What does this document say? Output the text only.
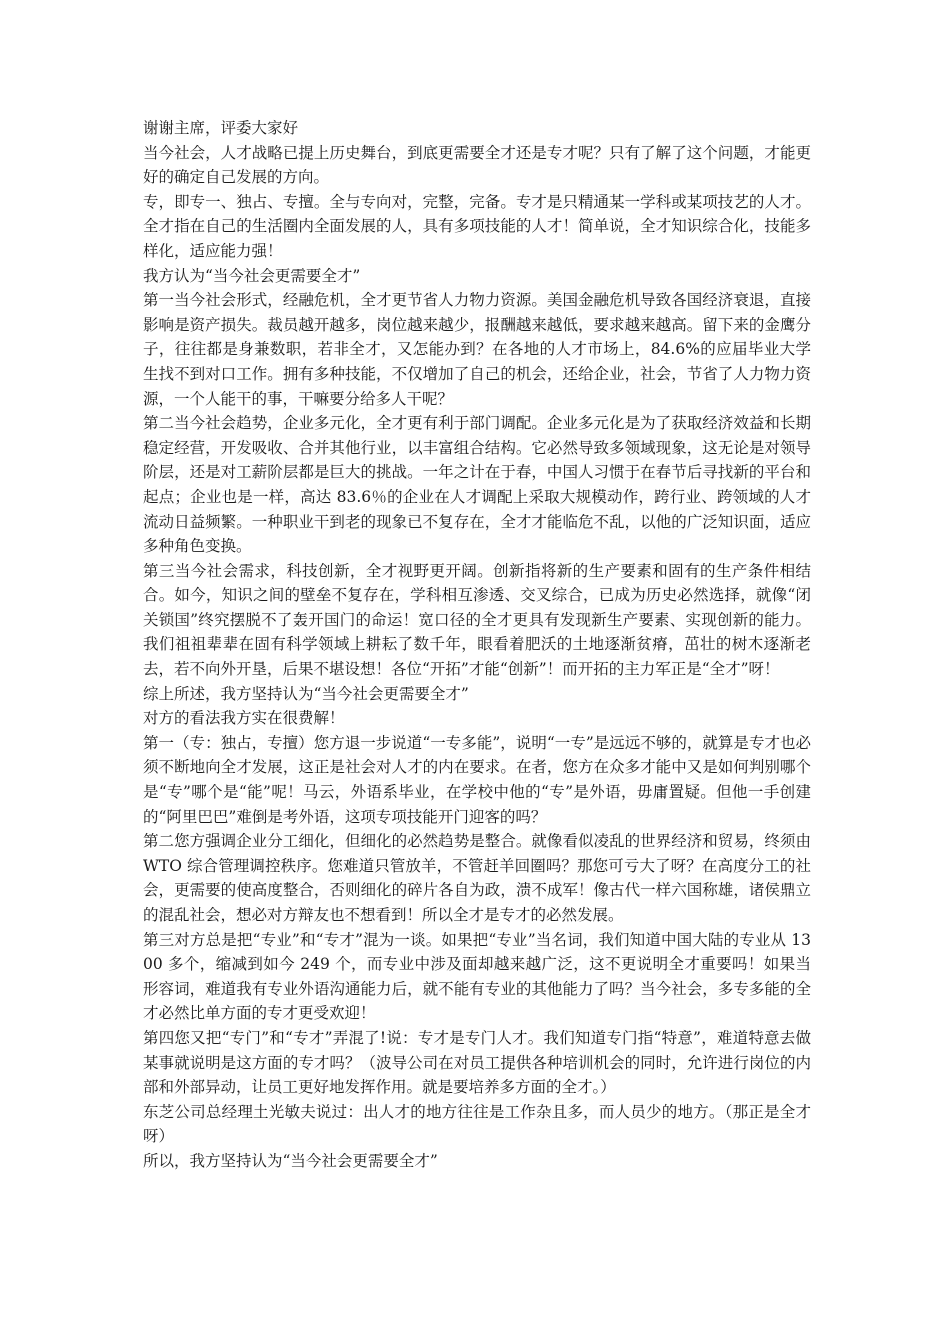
谢谢主席，评委大家好

当今社会，人才战略已提上历史舞台，到底更需要全才还是专才呢？只有了解了这个问题，才能更好的确定自己发展的方向。

专，即专一、独占、专擅。全与专向对，完整，完备。专才是只精通某一学科或某项技艺的人才。全才指在自己的生活圈内全面发展的人，具有多项技能的人才！简单说，全才知识综合化，技能多样化，适应能力强！

我方认为“当今社会更需要全才”

第一当今社会形式，经融危机，全才更节省人力物力资源。美国金融危机导致各国经济衰退，直接影响是资产损失。裁员越开越多，岗位越来越少，报酬越来越低，要求越来越高。留下来的金鹰分子，往往都是身兼数职，若非全才，又怎能办到？在各地的人才市场上，84.6%的应届毕业大学生找不到对口工作。拥有多种技能，不仅增加了自己的机会，还给企业，社会，节省了人力物力资源，一个人能干的事，干嘛要分给多人干呢？

第二当今社会趋势，企业多元化，全才更有利于部门调配。企业多元化是为了获取经济效益和长期稳定经营，开发吸收、合并其他行业，以丰富组合结构。它必然导致多领域现象，这无论是对领导阶层，还是对工薪阶层都是巨大的挑战。一年之计在于春，中国人习惯于在春节后寻找新的平台和起点；企业也是一样，高达 83.6％的企业在人才调配上采取大规模动作，跨行业、跨领域的人才流动日益频繁。一种职业干到老的现象已不复存在，全才才能临危不乱，以他的广泛知识面，适应多种角色变换。

第三当今社会需求，科技创新，全才视野更开阔。创新指将新的生产要素和固有的生产条件相结合。如今，知识之间的壁垒不复存在，学科相互渗透、交叉综合，已成为历史必然选择，就像“闭关锁国”终究摆脱不了轰开国门的命运！宽口径的全才更具有发现新生产要素、实现创新的能力。我们祖祖辈辈在固有科学领域上耕耘了数千年，眼看着肥沃的土地逐渐贫瘠，茁壮的树木逐渐老去，若不向外开垦，后果不堪设想！各位“开拓”才能“创新”！而开拓的主力军正是“全才”呀！

综上所述，我方坚持认为“当今社会更需要全才”

对方的看法我方实在很费解！

第一（专：独占，专擅）您方退一步说道“一专多能”，说明“一专”是远远不够的，就算是专才也必须不断地向全才发展，这正是社会对人才的内在要求。在者，您方在众多才能中又是如何判别哪个是“专”哪个是“能”呢！马云，外语系毕业，在学校中他的“专”是外语，毋庸置疑。但他一手创建的“阿里巴巴”难倒是考外语，这项专项技能开门迎客的吗？

第二您方强调企业分工细化，但细化的必然趋势是整合。就像看似凌乱的世界经济和贸易，终须由 WTO 综合管理调控秩序。您难道只管放羊，不管赶羊回圈吗？那您可亏大了呀？在高度分工的社会，更需要的使高度整合，否则细化的碎片各自为政，溃不成军！像古代一样六国称雄，诸侯鼎立的混乱社会，想必对方辩友也不想看到！所以全才是专才的必然发展。

第三对方总是把“专业”和“专才”混为一谈。如果把“专业”当名词，我们知道中国大陆的专业从 1300 多个，缩减到如今 249 个，而专业中涉及面却越来越广泛，这不更说明全才重要吗！如果当形容词，难道我有专业外语沟通能力后，就不能有专业的其他能力了吗？当今社会，多专多能的全才必然比单方面的专才更受欢迎！

第四您又把“专门”和“专才”弄混了!说：专才是专门人才。我们知道专门指“特意”，难道特意去做某事就说明是这方面的专才吗？（波导公司在对员工提供各种培训机会的同时，允许进行岗位的内部和外部异动，让员工更好地发挥作用。就是要培养多方面的全才。）

东芝公司总经理土光敏夫说过：出人才的地方往往是工作杂且多，而人员少的地方。（那正是全才呀）

所以，我方坚持认为“当今社会更需要全才”
